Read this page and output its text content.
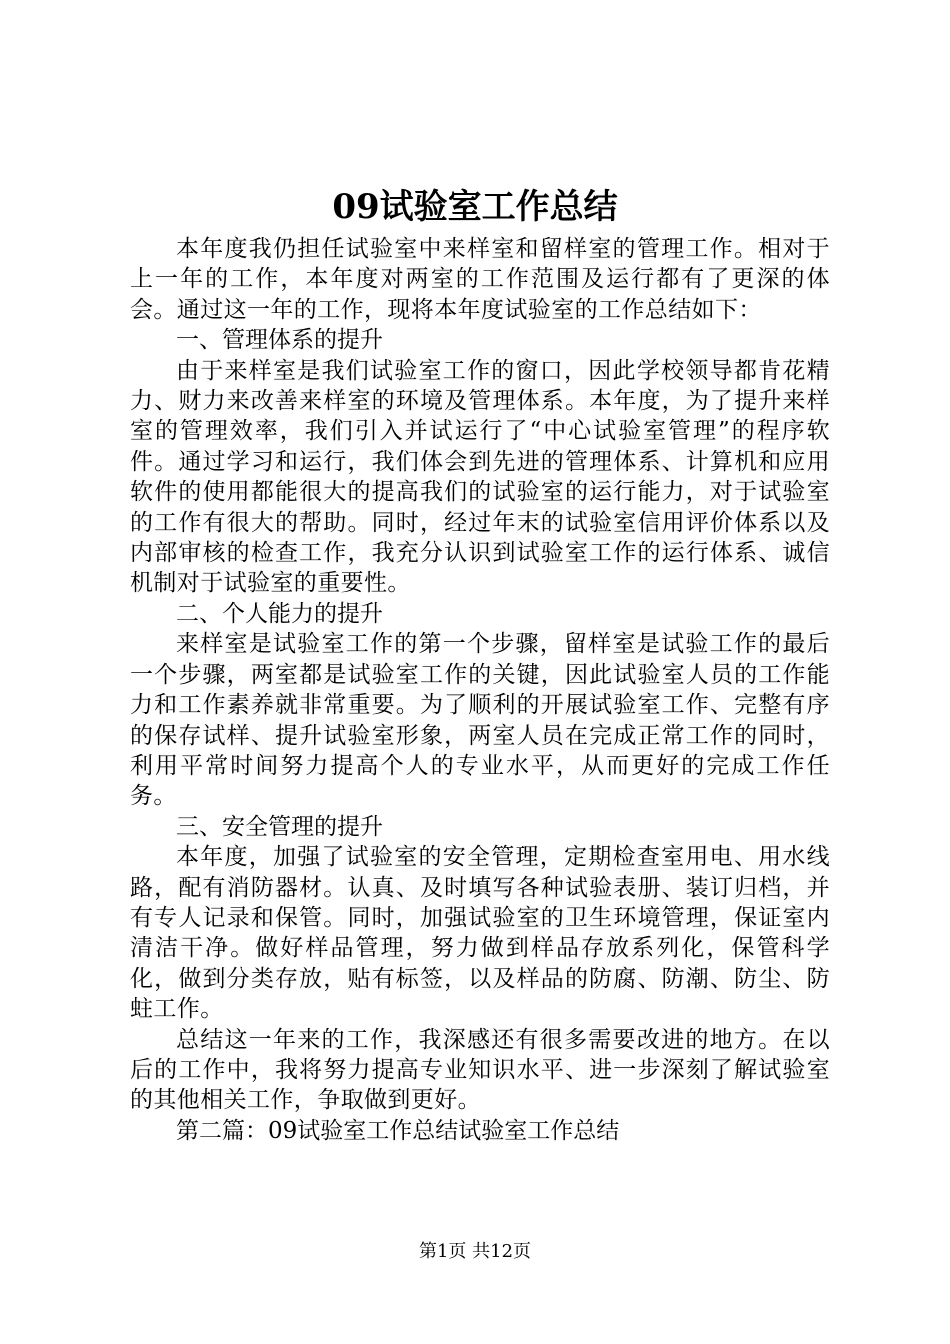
09试验室工作总结

本年度我仍担任试验室中来样室和留样室的管理工作。相对于上一年的工作，本年度对两室的工作范围及运行都有了更深的体会。通过这一年的工作，现将本年度试验室的工作总结如下：

一、管理体系的提升

由于来样室是我们试验室工作的窗口，因此学校领导都肯花精力、财力来改善来样室的环境及管理体系。本年度，为了提升来样室的管理效率，我们引入并试运行了“中心试验室管理”的程序软件。通过学习和运行，我们体会到先进的管理体系、计算机和应用软件的使用都能很大的提高我们的试验室的运行能力，对于试验室的工作有很大的帮助。同时，经过年末的试验室信用评价体系以及内部审核的检查工作，我充分认识到试验室工作的运行体系、诚信机制对于试验室的重要性。

二、个人能力的提升

来样室是试验室工作的第一个步骤，留样室是试验工作的最后一个步骤，两室都是试验室工作的关键，因此试验室人员的工作能力和工作素养就非常重要。为了顺利的开展试验室工作、完整有序的保存试样、提升试验室形象，两室人员在完成正常工作的同时，利用平常时间努力提高个人的专业水平，从而更好的完成工作任务。

三、安全管理的提升

本年度，加强了试验室的安全管理，定期检查室用电、用水线路，配有消防器材。认真、及时填写各种试验表册、装订归档，并有专人记录和保管。同时，加强试验室的卫生环境管理，保证室内清洁干净。做好样品管理，努力做到样品存放系列化，保管科学化，做到分类存放，贴有标签，以及样品的防腐、防潮、防尘、防蛀工作。

总结这一年来的工作，我深感还有很多需要改进的地方。在以后的工作中，我将努力提高专业知识水平、进一步深刻了解试验室的其他相关工作，争取做到更好。

第二篇：09试验室工作总结试验室工作总结

第1页 共12页
